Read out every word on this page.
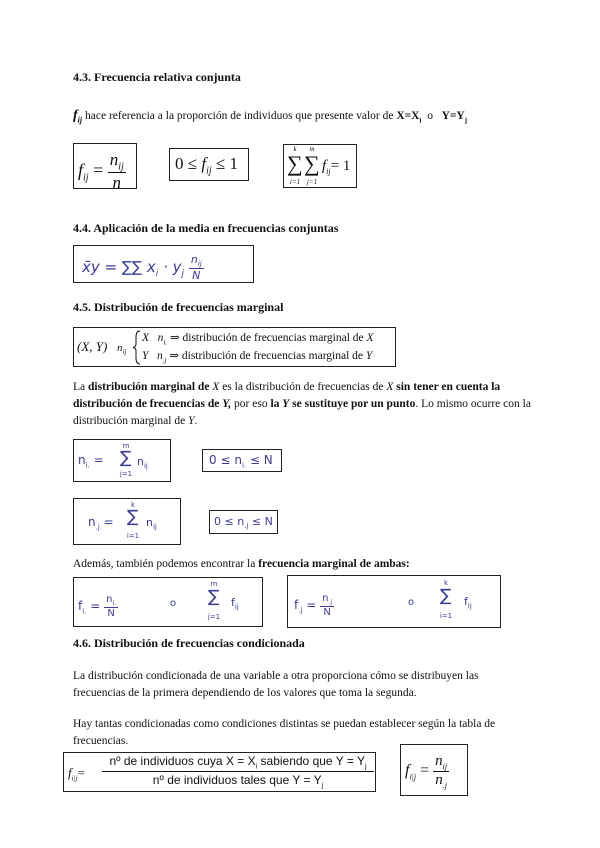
4.3. Frecuencia relativa conjunta
$f_{ij}$ hace referencia a la proporción de individuos que presente valor de $X=X_i$ o $Y=Y_j$
$f_{ij} = \frac{n_{ij}}{n}$	$0 \le f_{ij} \le 1$
k
∑
i=1
m
∑
j=1
$f_{ij}= 1$
4.4. Aplicación de la media en frecuencias conjuntas
x̄y = ∑∑ $x_i \cdot y_j$
$n_{ij}$
N
4.5. Distribución de frecuencias marginal
(X, Y) $n_{ij}$
X $n_{i.}$ ⇒ distribución de frecuencias marginal de X
Y $n_{.j}$ ⇒ distribución de frecuencias marginal de Y
La distribución marginal de X es la distribución de frecuencias de X sin tener en cuenta la distribución de frecuencias de Y, por eso la Y se sustituye por un punto. Lo mismo ocurre con la distribución marginal de Y.
$n_{i.}$ =
m
∑
j=1
$n_{ij}$	$0 \le n_{i.} \le N$
$n_{.j}$ =
k
∑
i=1
$n_{ij}$	$0 \le n_{.j} \le N$
Además, también podemos encontrar la frecuencia marginal de ambas:
$f_{i.} = \frac{n_{i.}}{N}$	o
m
∑
j=1
$f_{ij}$	$f_{.j} = \frac{n_{.j}}{N}$	o
k
∑
i=1
$f_{ij}$
4.6. Distribución de frecuencias condicionada
La distribución condicionada de una variable a otra proporciona cómo se distribuyen las frecuencias de la primera dependiendo de los valores que toma la segunda.
Hay tantas condicionadas como condiciones distintas se puedan establecer según la tabla de frecuencias.
$f_{i|j}=$
nº de individuos cuya $X = X_i$ sabiendo que $Y = Y_j$
nº de individuos tales que $Y = Y_j$
$f_{i|j} = \frac{n_{ij}}{n_{.j}}$
